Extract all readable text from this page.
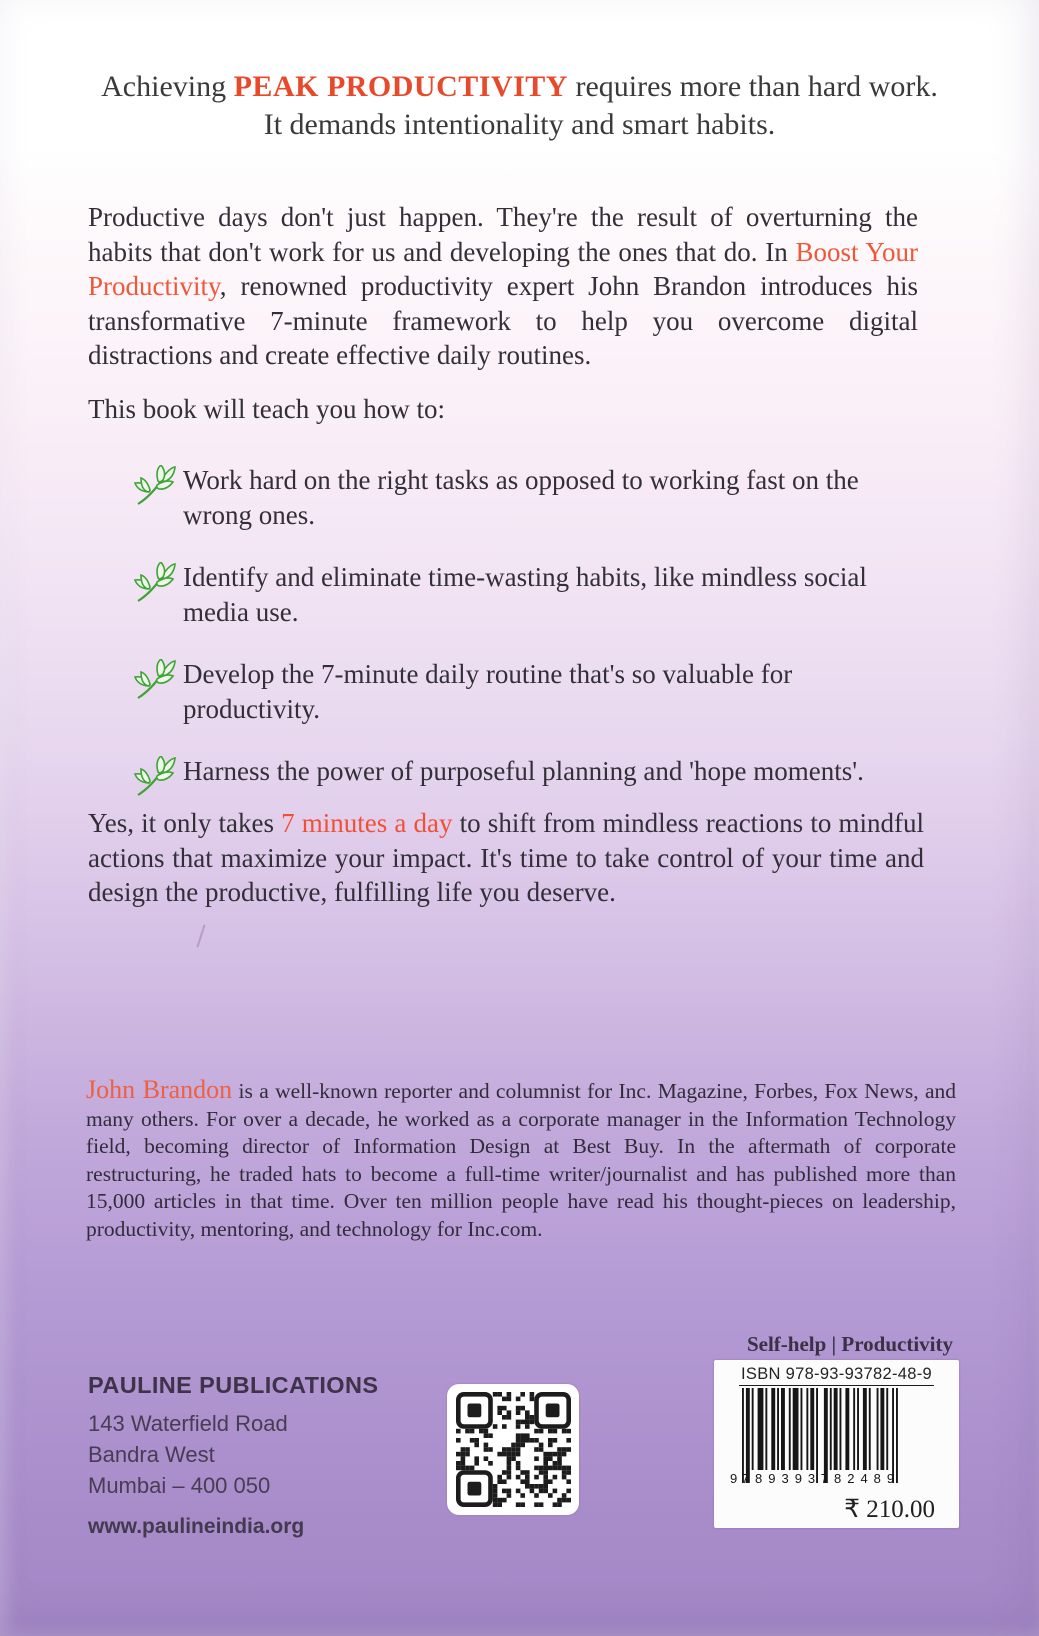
Achieving PEAK PRODUCTIVITY requires more than hard work.
It demands intentionality and smart habits.

Productive days don't just happen. They're the result of overturning the habits that don't work for us and developing the ones that do. In Boost Your Productivity, renowned productivity expert John Brandon introduces his transformative 7-minute framework to help you overcome digital distractions and create effective daily routines.

This book will teach you how to:
Work hard on the right tasks as opposed to working fast on the wrong ones.
Identify and eliminate time-wasting habits, like mindless social media use.
Develop the 7-minute daily routine that's so valuable for productivity.
Harness the power of purposeful planning and 'hope moments'.

Yes, it only takes 7 minutes a day to shift from mindless reactions to mindful actions that maximize your impact. It's time to take control of your time and design the productive, fulfilling life you deserve.

John Brandon is a well-known reporter and columnist for Inc. Magazine, Forbes, Fox News, and many others. For over a decade, he worked as a corporate manager in the Information Technology field, becoming director of Information Design at Best Buy. In the aftermath of corporate restructuring, he traded hats to become a full-time writer/journalist and has published more than 15,000 articles in that time. Over ten million people have read his thought-pieces on leadership, productivity, mentoring, and technology for Inc.com.

Self-help | Productivity
ISBN 978-93-93782-48-9
9 789393 782489
₹ 210.00
PAULINE PUBLICATIONS
143 Waterfield Road
Bandra West
Mumbai – 400 050
www.paulineindia.org
